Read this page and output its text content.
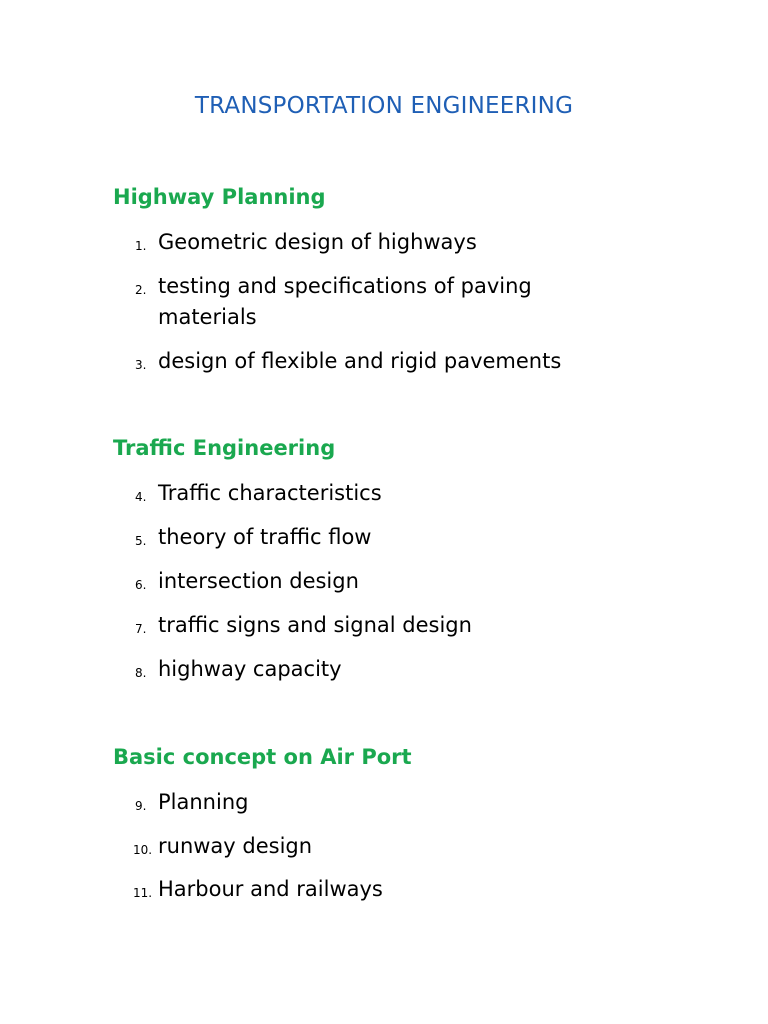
TRANSPORTATION ENGINEERING
Highway Planning
1. Geometric design of highways
2. testing and specifications of paving materials
3. design of flexible and rigid pavements
Traffic Engineering
4. Traffic characteristics
5. theory of traffic flow
6. intersection design
7. traffic signs and signal design
8. highway capacity
Basic concept on Air Port
9. Planning
10. runway design
11. Harbour and railways
